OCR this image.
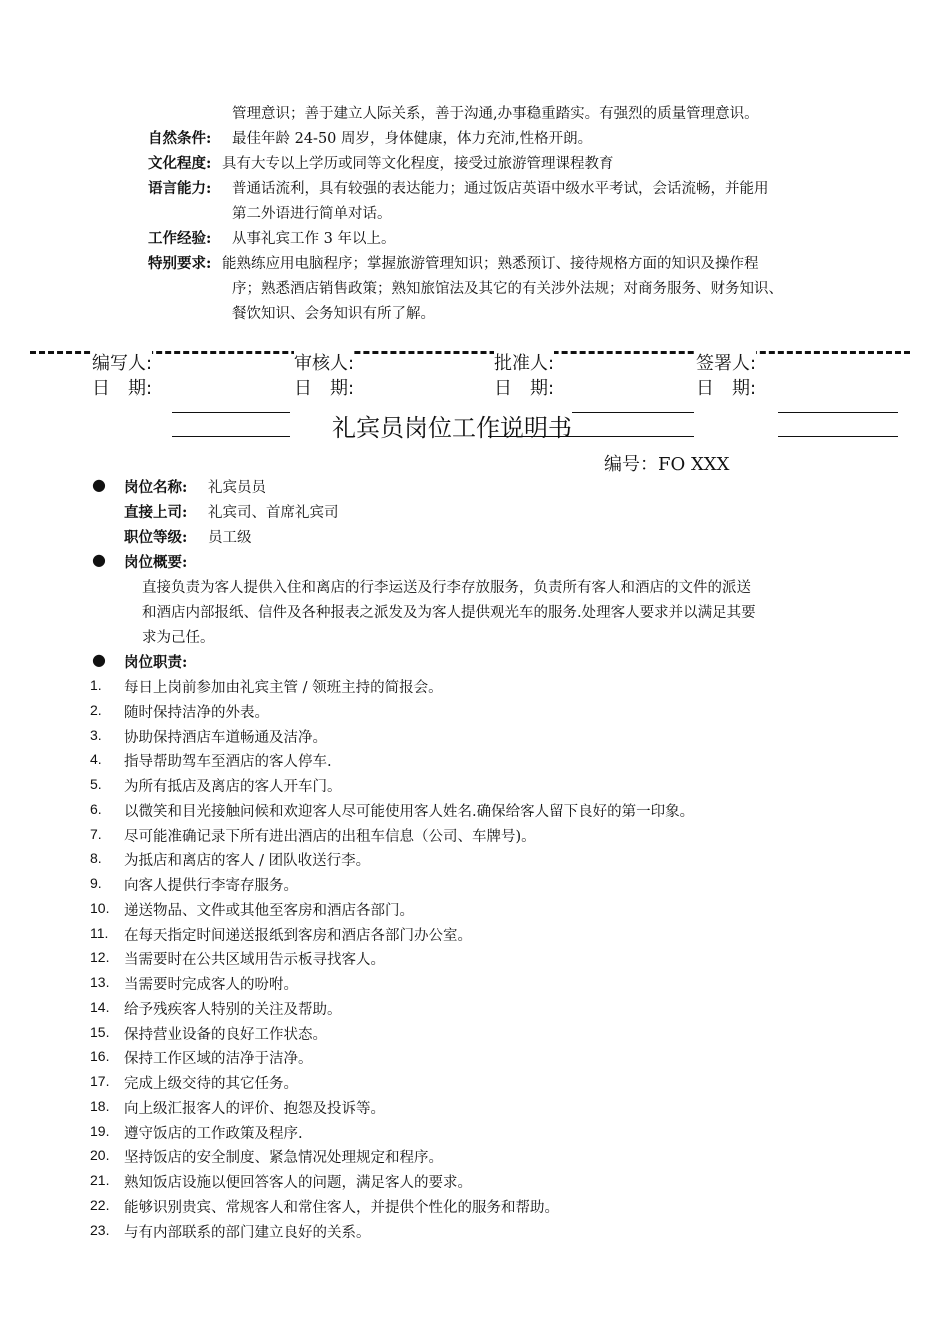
管理意识；善于建立人际关系，善于沟通,办事稳重踏实。有强烈的质量管理意识。
自然条件: 最佳年龄 24-50 周岁，身体健康，体力充沛,性格开朗。
文化程度: 具有大专以上学历或同等文化程度，接受过旅游管理课程教育
语言能力: 普通话流利，具有较强的表达能力；通过饭店英语中级水平考试，会话流畅，并能用
第二外语进行简单对话。
工作经验: 从事礼宾工作 3 年以上。
特别要求: 能熟练应用电脑程序；掌握旅游管理知识；熟悉预订、接待规格方面的知识及操作程
序；熟悉酒店销售政策；熟知旅馆法及其它的有关涉外法规；对商务服务、财务知识、
餐饮知识、会务知识有所了解。
编写人:	审核人:	批准人:	签署人:
日　期:	日　期:	日　期:	日　期:
礼宾员岗位工作说明书
编号：FO XXX
● 岗位名称: 礼宾员员
直接上司: 礼宾司、首席礼宾司
职位等级: 员工级
● 岗位概要:
直接负责为客人提供入住和离店的行李运送及行李存放服务，负责所有客人和酒店的文件的派送
和酒店内部报纸、信件及各种报表之派发及为客人提供观光车的服务.处理客人要求并以满足其要
求为己任。
● 岗位职责:
1. 每日上岗前参加由礼宾主管 / 领班主持的简报会。
2. 随时保持洁净的外表。
3. 协助保持酒店车道畅通及洁净。
4. 指导帮助驾车至酒店的客人停车.
5. 为所有抵店及离店的客人开车门。
6. 以微笑和目光接触问候和欢迎客人尽可能使用客人姓名.确保给客人留下良好的第一印象。
7. 尽可能准确记录下所有进出酒店的出租车信息（公司、车牌号)。
8. 为抵店和离店的客人 / 团队收送行李。
9. 向客人提供行李寄存服务。
10. 递送物品、文件或其他至客房和酒店各部门。
11. 在每天指定时间递送报纸到客房和酒店各部门办公室。
12. 当需要时在公共区域用告示板寻找客人。
13. 当需要时完成客人的吩咐。
14. 给予残疾客人特别的关注及帮助。
15. 保持营业设备的良好工作状态。
16. 保持工作区域的洁净于洁净。
17. 完成上级交待的其它任务。
18. 向上级汇报客人的评价、抱怨及投诉等。
19. 遵守饭店的工作政策及程序.
20. 坚持饭店的安全制度、紧急情况处理规定和程序。
21. 熟知饭店设施以便回答客人的问题，满足客人的要求。
22. 能够识别贵宾、常规客人和常住客人，并提供个性化的服务和帮助。
23. 与有内部联系的部门建立良好的关系。
